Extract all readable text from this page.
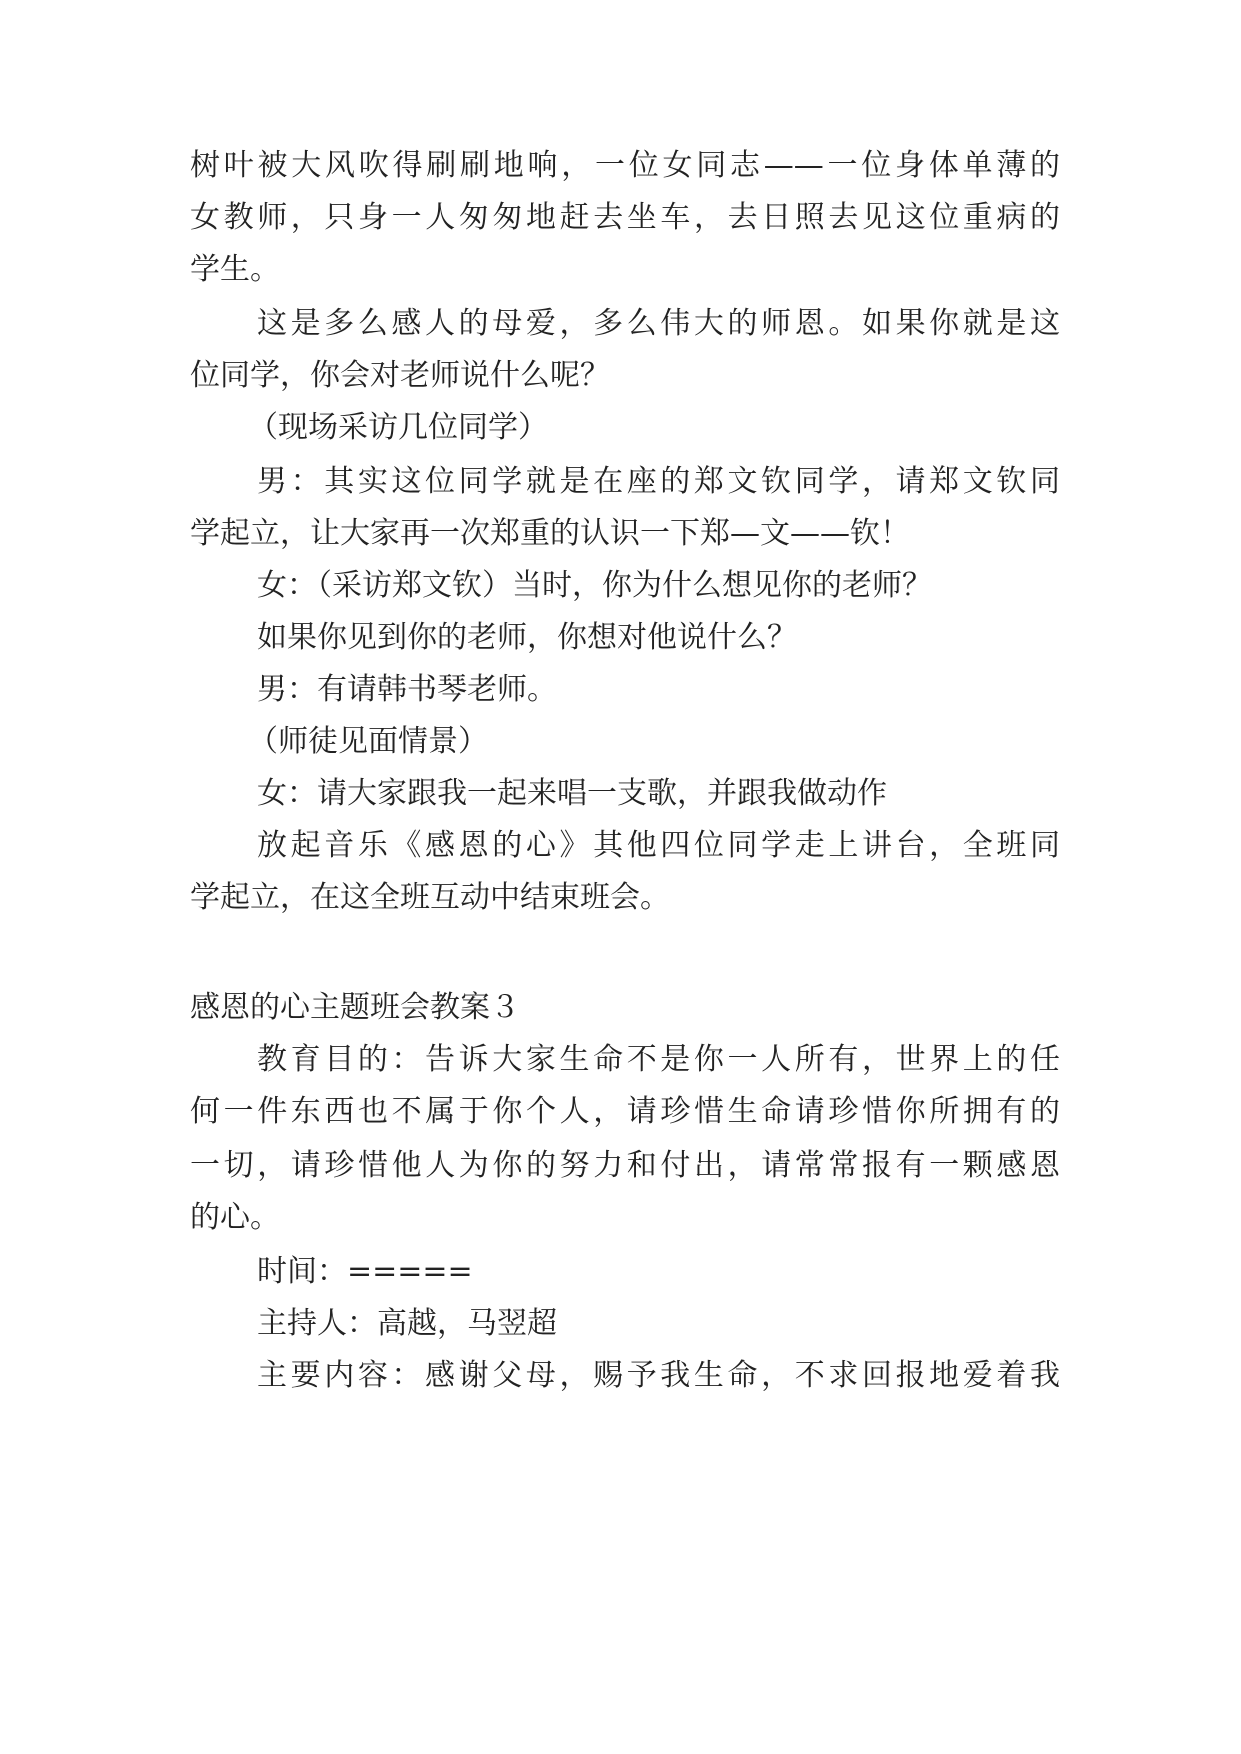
树叶被大风吹得刷刷地响，一位女同志——一位身体单薄的
女教师，只身一人匆匆地赶去坐车，去日照去见这位重病的
学生。
这是多么感人的母爱，多么伟大的师恩。如果你就是这
位同学，你会对老师说什么呢？
（现场采访几位同学）
男：其实这位同学就是在座的郑文钦同学，请郑文钦同
学起立，让大家再一次郑重的认识一下郑—文——钦！
女：（采访郑文钦）当时，你为什么想见你的老师？
如果你见到你的老师，你想对他说什么？
男：有请韩书琴老师。
（师徒见面情景）
女：请大家跟我一起来唱一支歌，并跟我做动作
放起音乐《感恩的心》其他四位同学走上讲台，全班同
学起立，在这全班互动中结束班会。
感恩的心主题班会教案３
教育目的：告诉大家生命不是你一人所有，世界上的任
何一件东西也不属于你个人，请珍惜生命请珍惜你所拥有的
一切，请珍惜他人为你的努力和付出，请常常报有一颗感恩
的心。
时间：=====
主持人：高越，马翌超
主要内容：感谢父母，赐予我生命，不求回报地爱着我
